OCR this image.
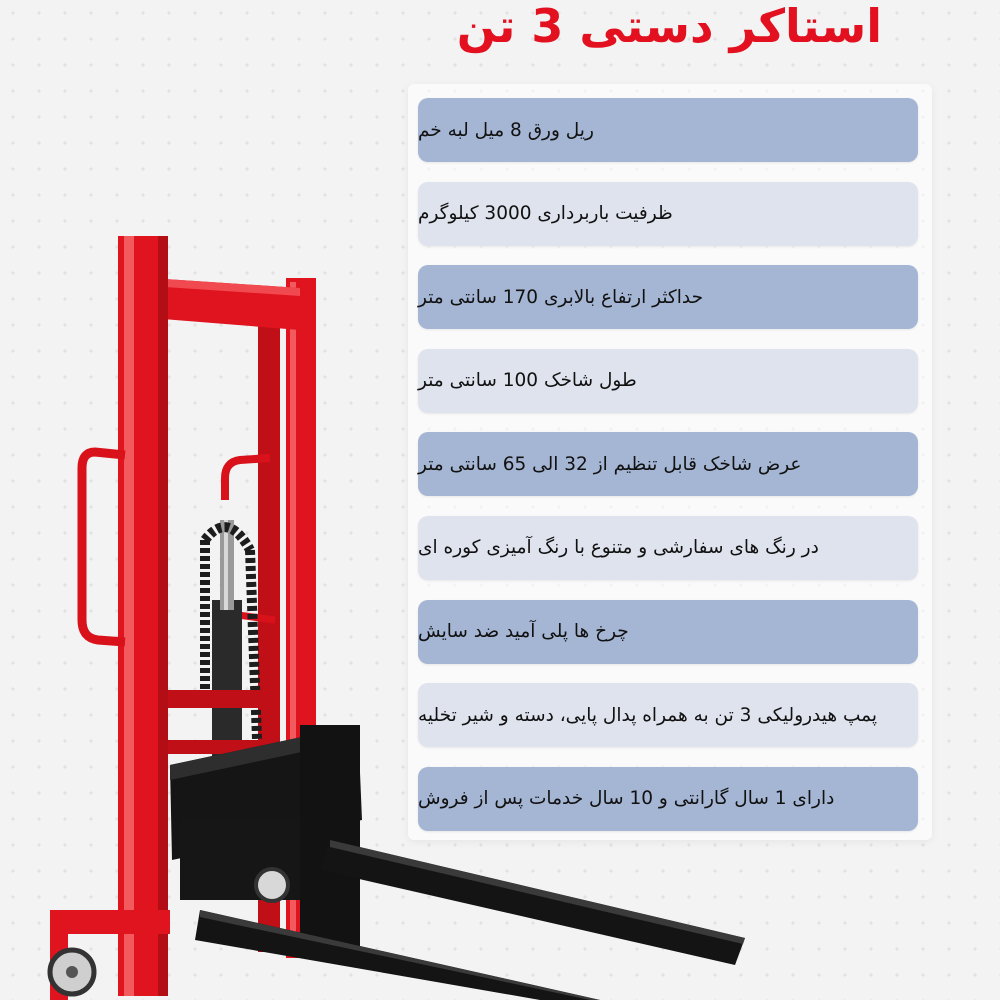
استاکر دستی 3 تن
ریل ورق 8 میل لبه خم
ظرفیت باربرداری 3000 کیلوگرم
حداکثر ارتفاع بالابری 170 سانتی متر
طول شاخک 100 سانتی متر
عرض شاخک قابل تنظیم از 32 الی 65 سانتی متر
در رنگ های سفارشی و متنوع با رنگ آمیزی کوره ای
چرخ ها پلی آمید ضد سایش
پمپ هیدرولیکی 3 تن به همراه پدال پایی، دسته و شیر تخلیه
دارای 1 سال گارانتی و 10 سال خدمات پس از فروش
